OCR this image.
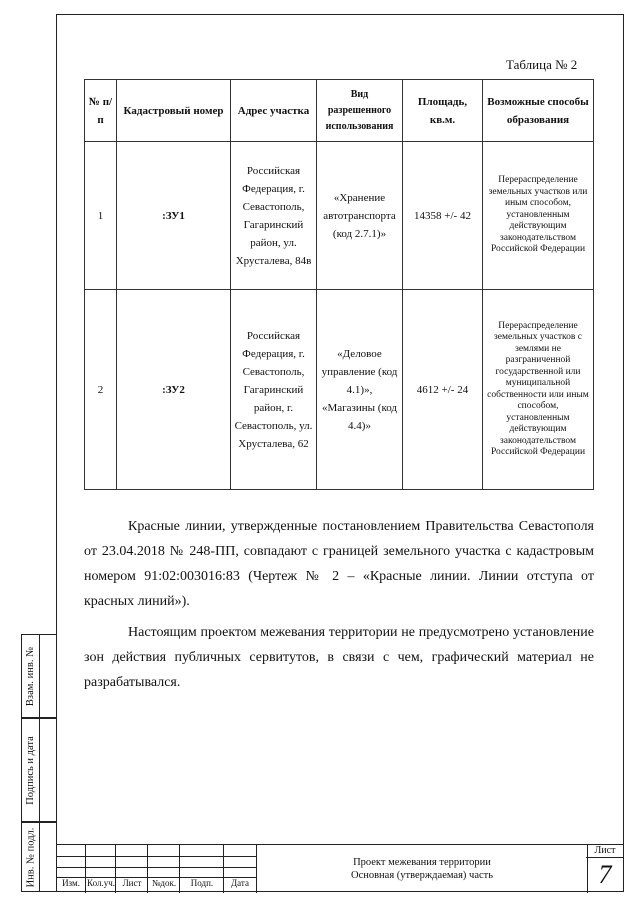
Таблица № 2
№ п/п	Кадастровый номер	Адрес участка	Вид разрешенного использования	Площадь, кв.м.	Возможные способы образования
1	:ЗУ1	Российская Федерация, г. Севастополь, Гагаринский район, ул. Хрусталева, 84в	«Хранение автотранспорта (код 2.7.1)»	14358 +/- 42	Перераспределение земельных участков или иным способом, установленным действующим законодательством Российской Федерации
2	:ЗУ2	Российская Федерация, г. Севастополь, Гагаринский район, г. Севастополь, ул. Хрусталева, 62	«Деловое управление (код 4.1)», «Магазины (код 4.4)»	4612 +/- 24	Перераспределение земельных участков с землями не разграниченной государственной или муниципальной собственности или иным способом, установленным действующим законодательством Российской Федерации
Красные линии, утвержденные постановлением Правительства Севастополя от 23.04.2018 № 248-ПП, совпадают с границей земельного участка с кадастровым номером 91:02:003016:83 (Чертеж № 2 – «Красные линии. Линии отступа от красных линий»).
Настоящим проектом межевания территории не предусмотрено установление зон действия публичных сервитутов, в связи с чем, графический материал не разрабатывался.
Взам. инв. №
Подпись и дата
Инв. № подл.	Изм. Кол.уч. Лист	№док.	Подп.	Дата
Проект межевания территории
Основная (утверждаемая) часть
Лист
7
